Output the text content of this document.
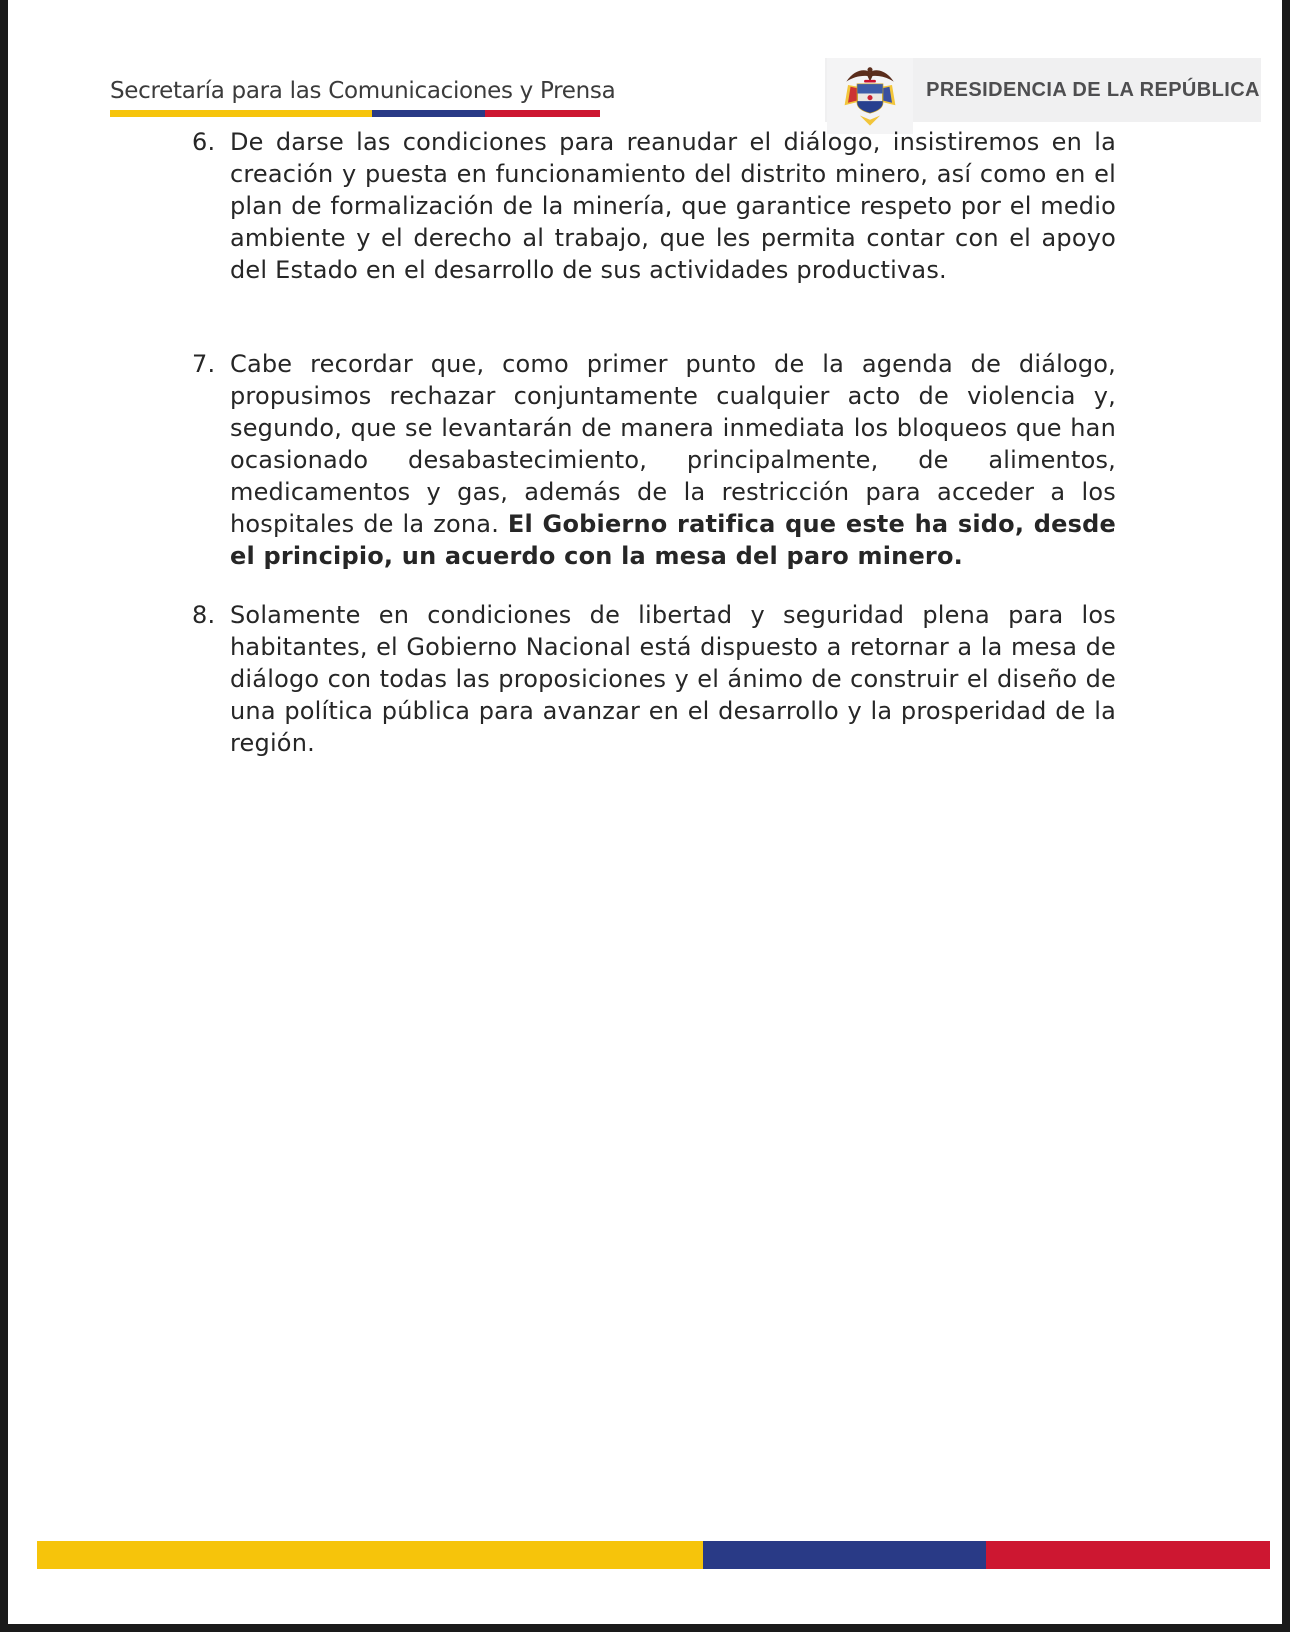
Secretaría para las Comunicaciones y Prensa	PRESIDENCIA DE LA REPÚBLICA
6. De darse las condiciones para reanudar el diálogo, insistiremos en la creación y puesta en funcionamiento del distrito minero, así como en el plan de formalización de la minería, que garantice respeto por el medio ambiente y el derecho al trabajo, que les permita contar con el apoyo del Estado en el desarrollo de sus actividades productivas.
7. Cabe recordar que, como primer punto de la agenda de diálogo, propusimos rechazar conjuntamente cualquier acto de violencia y, segundo, que se levantarán de manera inmediata los bloqueos que han ocasionado desabastecimiento, principalmente, de alimentos, medicamentos y gas, además de la restricción para acceder a los hospitales de la zona. El Gobierno ratifica que este ha sido, desde el principio, un acuerdo con la mesa del paro minero.
8. Solamente en condiciones de libertad y seguridad plena para los habitantes, el Gobierno Nacional está dispuesto a retornar a la mesa de diálogo con todas las proposiciones y el ánimo de construir el diseño de una política pública para avanzar en el desarrollo y la prosperidad de la región.
